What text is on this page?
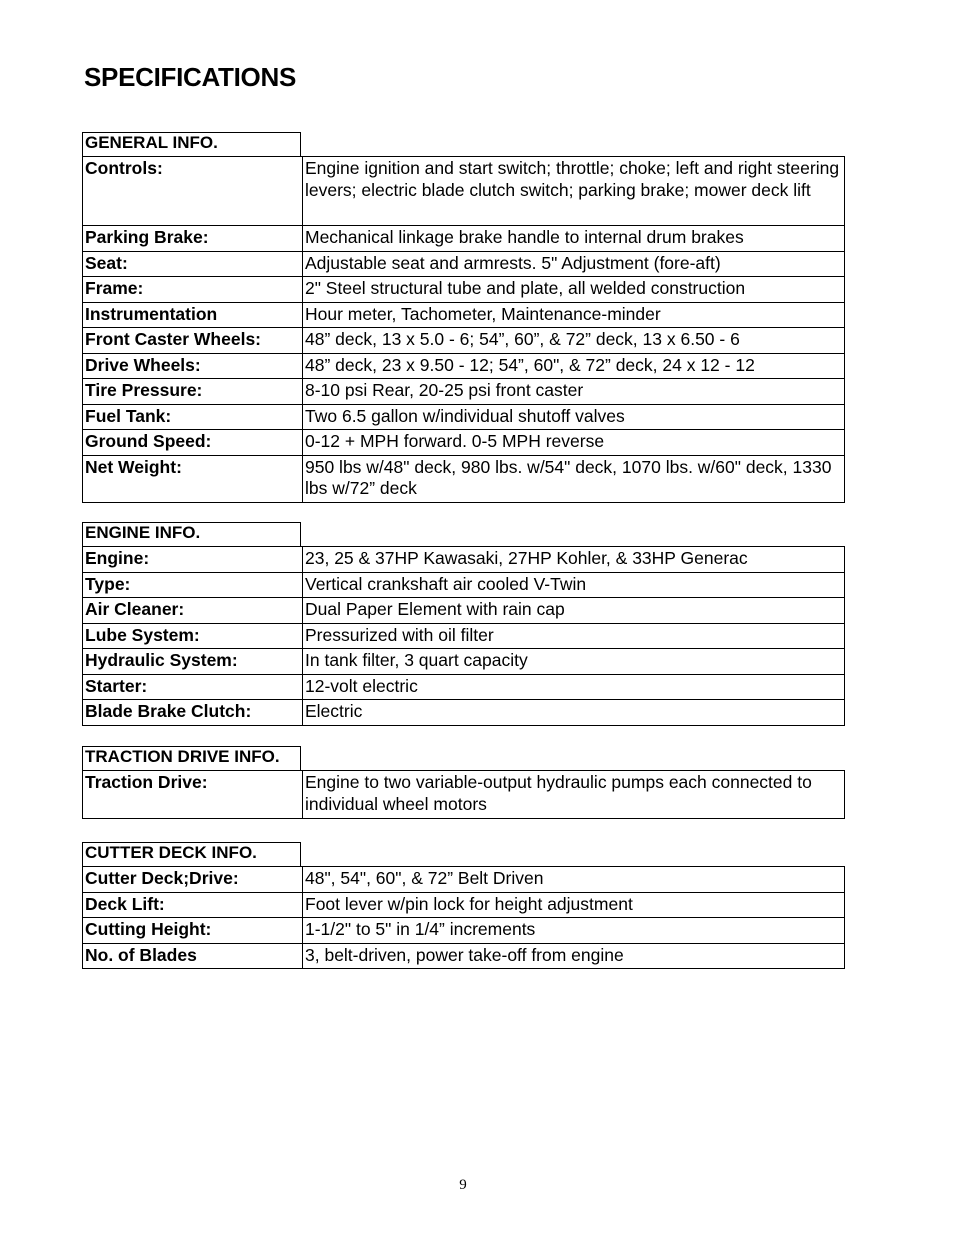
SPECIFICATIONS
GENERAL INFO.
Controls:	Engine ignition and start switch; throttle; choke; left and right steering levers; electric blade clutch switch; parking brake; mower deck lift
Parking Brake:	Mechanical linkage brake handle to internal drum brakes
Seat:	Adjustable seat and armrests. 5" Adjustment (fore-aft)
Frame:	2" Steel structural tube and plate, all welded construction
Instrumentation	Hour meter, Tachometer, Maintenance-minder
Front Caster Wheels:	48” deck, 13 x 5.0 - 6; 54”, 60”, & 72” deck, 13 x 6.50 - 6
Drive Wheels:	48” deck, 23 x 9.50 - 12; 54”, 60", & 72” deck, 24 x 12 - 12
Tire Pressure:	8-10 psi Rear, 20-25 psi front caster
Fuel Tank:	Two 6.5 gallon w/individual shutoff valves
Ground Speed:	0-12 + MPH forward. 0-5 MPH reverse
Net Weight:	950 lbs w/48" deck, 980 lbs. w/54" deck, 1070 lbs. w/60" deck, 1330 lbs w/72” deck
ENGINE INFO.
Engine:	23, 25 & 37HP Kawasaki, 27HP Kohler, & 33HP Generac
Type:	Vertical crankshaft air cooled V-Twin
Air Cleaner:	Dual Paper Element with rain cap
Lube System:	Pressurized with oil filter
Hydraulic System:	In tank filter, 3 quart capacity
Starter:	12-volt electric
Blade Brake Clutch:	Electric
TRACTION DRIVE INFO.
Traction Drive:	Engine to two variable-output hydraulic pumps each connected to individual wheel motors
CUTTER DECK INFO.
Cutter Deck;Drive:	48", 54", 60", & 72” Belt Driven
Deck Lift:	Foot lever w/pin lock for height adjustment
Cutting Height:	1-1/2" to 5" in 1/4” increments
No. of Blades	3, belt-driven, power take-off from engine
9
